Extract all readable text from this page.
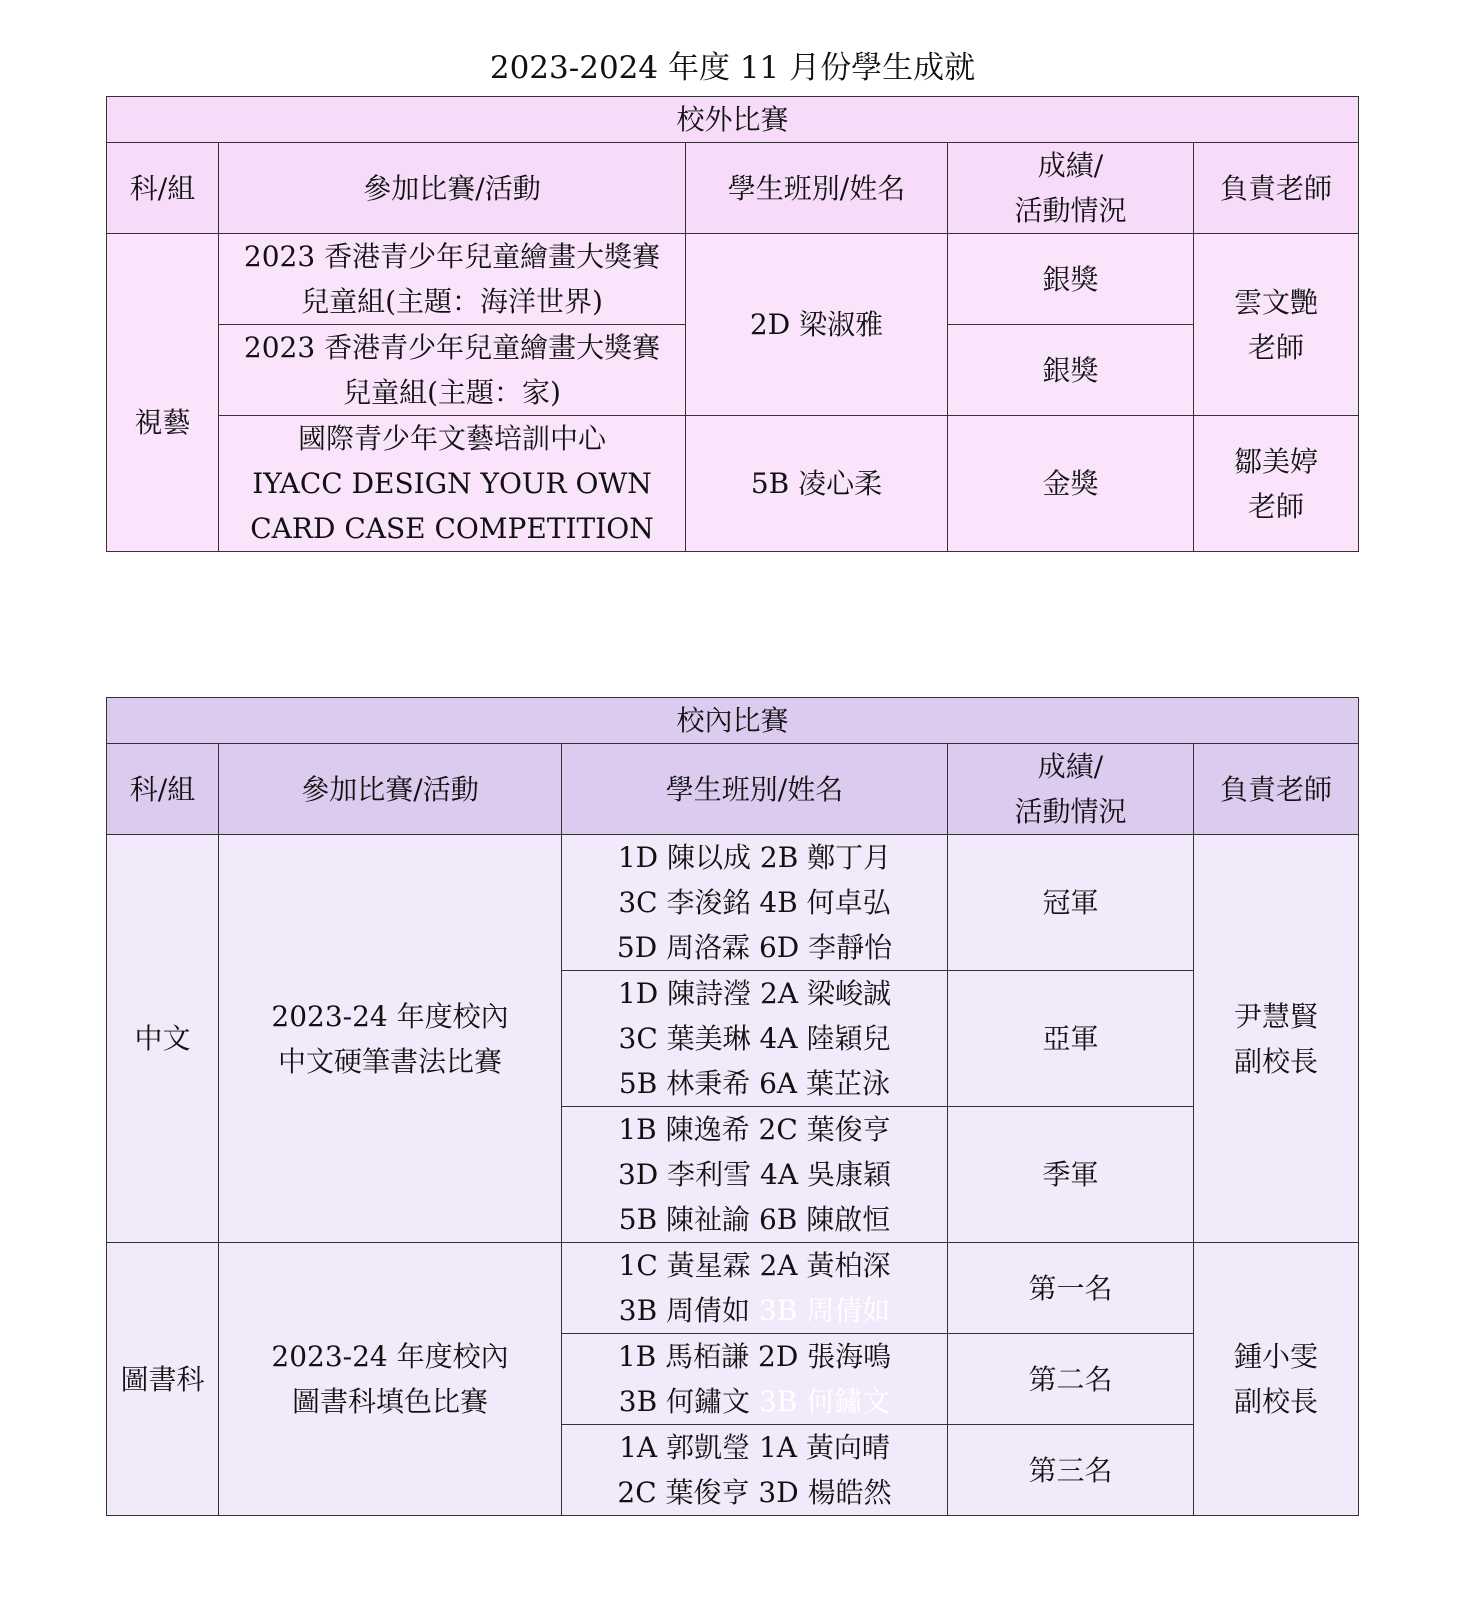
2023-2024 年度 11 月份學生成就
校外比賽				
科/組	參加比賽/活動	學生班別/姓名	成績/
活動情況	負責老師
視藝	2023 香港青少年兒童繪畫大獎賽
兒童組(主題：海洋世界)	2D 梁淑雅	銀獎	雲文艷
老師

	2023 香港青少年兒童繪畫大獎賽
兒童組(主題：家)		銀獎	

	國際青少年文藝培訓中心
IYACC DESIGN YOUR OWN
CARD CASE COMPETITION	5B 凌心柔	金獎	鄒美婷
老師
校內比賽				
科/組	參加比賽/活動	學生班別/姓名	成績/
活動情況	負責老師
中文	2023-24 年度校內
中文硬筆書法比賽	1D 陳以成 2B 鄭丁月
3C 李浚銘 4B 何卓弘
5D 周洛霖 6D 李靜怡	冠軍	尹慧賢
副校長

		1D 陳詩瀅 2A 梁峻誠
3C 葉美琳 4A 陸穎兒
5B 林秉希 6A 葉芷泳	亞軍	

		1B 陳逸希 2C 葉俊亨
3D 李利雪 4A 吳康穎
5B 陳祉諭 6B 陳啟恒	季軍	
圖書科	2023-24 年度校內
圖書科填色比賽	1C 黃星霖 2A 黃柏深
3B 周倩如 3B 周倩如	第一名	鍾小雯
副校長

		1B 馬栢謙 2D 張海鳴
3B 何鏽文 3B 何鏽文	第二名	

		1A 郭凱瑩 1A 黃向晴
2C 葉俊亨 3D 楊皓然	第三名	
